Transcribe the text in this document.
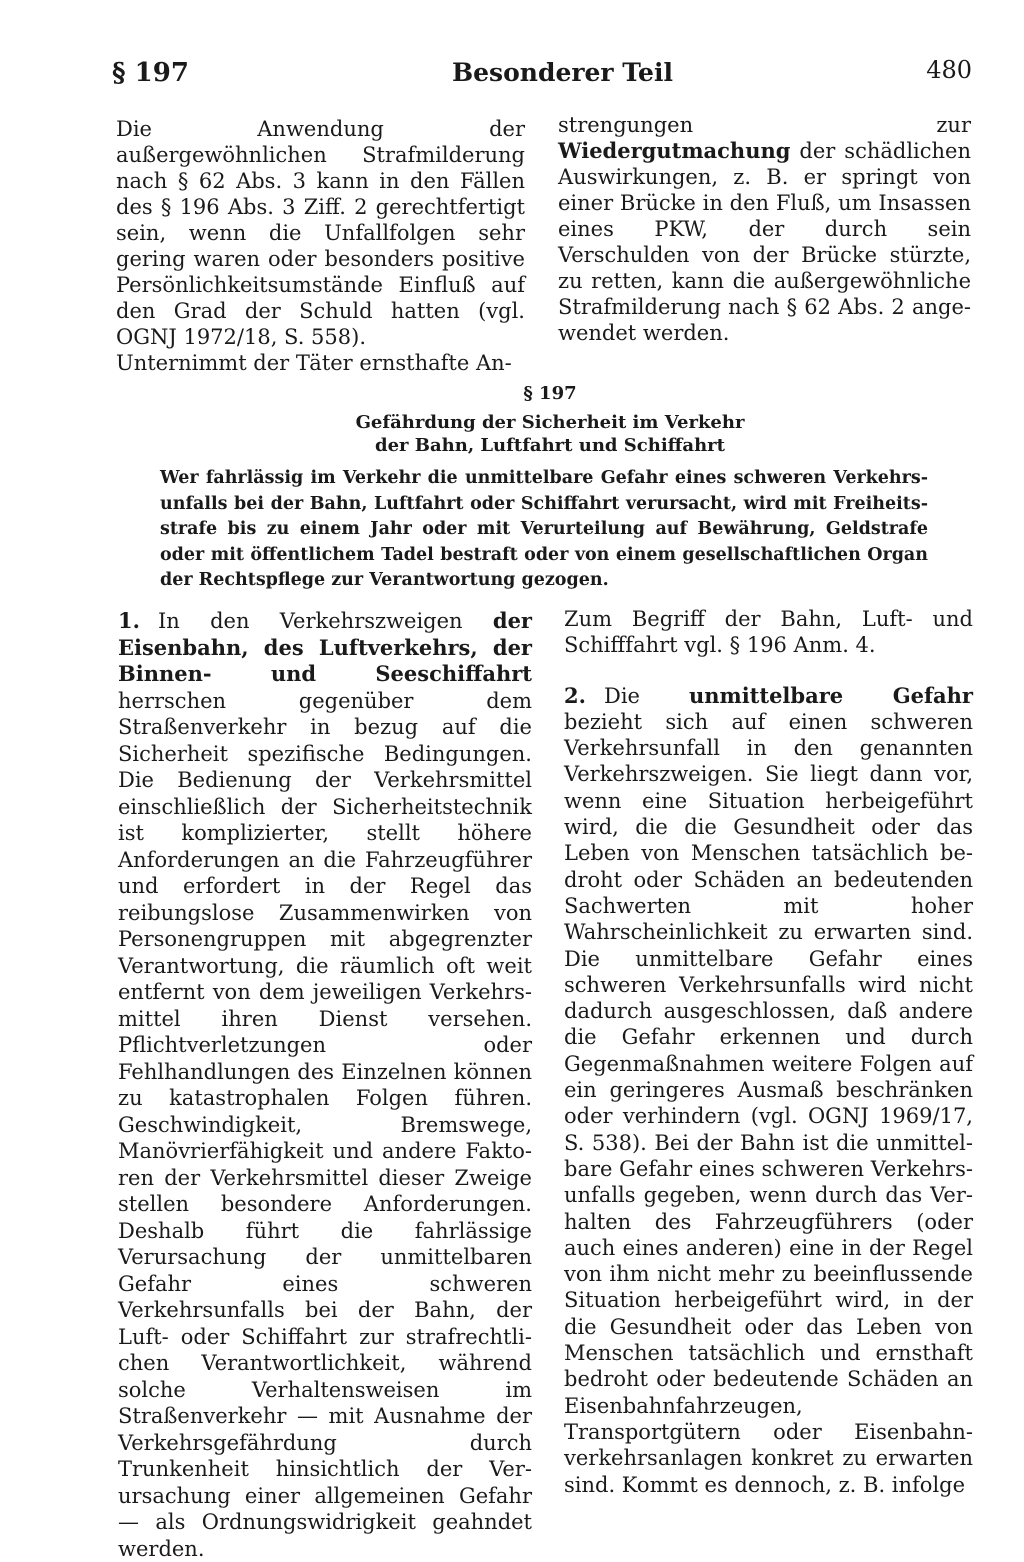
§ 197	Besonderer Teil	480

Die Anwendung der außergewöhnlichen Strafmilderung nach § 62 Abs. 3 kann in den Fällen des § 196 Abs. 3 Ziff. 2 gerechtfertigt sein, wenn die Unfallfolgen sehr gering waren oder besonders positive Persönlichkeitsumstände Einfluß auf den Grad der Schuld hatten (vgl. OGNJ 1972/18, S. 558).

Unternimmt der Täter ernsthafte An-

strengungen zur Wiedergutmachung der schädlichen Auswirkungen, z. B. er springt von einer Brücke in den Fluß, um Insassen eines PKW, der durch sein Verschulden von der Brücke stürzte, zu retten, kann die außergewöhnliche Strafmilderung nach § 62 Abs. 2 angewendet werden.

§ 197
Gefährdung der Sicherheit im Verkehr
der Bahn, Luftfahrt und Schiffahrt
Wer fahrlässig im Verkehr die unmittelbare Gefahr eines schweren Verkehrsunfalls bei der Bahn, Luftfahrt oder Schiffahrt verursacht, wird mit Freiheitsstrafe bis zu einem Jahr oder mit Verurteilung auf Bewährung, Geldstrafe oder mit öffentlichem Tadel bestraft oder von einem gesellschaftlichen Organ der Rechtspflege zur Verantwortung gezogen.

1. In den Verkehrszweigen der Eisenbahn, des Luftverkehrs, der Binnen- und Seeschiffahrt herrschen gegenüber dem Straßenverkehr in bezug auf die Sicherheit spezifische Bedingungen. Die Bedienung der Verkehrsmittel einschließlich der Sicherheitstechnik ist komplizierter, stellt höhere Anforderungen an die Fahrzeugführer und erfordert in der Regel das reibungslose Zusammenwirken von Personengruppen mit abgegrenzter Verantwortung, die räumlich oft weit entfernt von dem jeweiligen Verkehrsmittel ihren Dienst versehen. Pflichtverletzungen oder Fehlhandlungen des Einzelnen können zu katastrophalen Folgen führen. Geschwindigkeit, Bremswege, Manövrierfähigkeit und andere Faktoren der Verkehrsmittel dieser Zweige stellen besondere Anforderungen. Deshalb führt die fahrlässige Verursachung der unmittelbaren Gefahr eines schweren Verkehrsunfalls bei der Bahn, der Luft- oder Schiffahrt zur strafrechtlichen Verantwortlichkeit, während solche Verhaltensweisen im Straßenverkehr — mit Ausnahme der Verkehrsgefährdung durch Trunkenheit hinsichtlich der Verursachung einer allgemeinen Gefahr — als Ordnungswidrigkeit geahndet werden.

Zum Begriff der Bahn, Luft- und Schifffahrt vgl. § 196 Anm. 4.

2. Die unmittelbare Gefahr bezieht sich auf einen schweren Verkehrsunfall in den genannten Verkehrszweigen. Sie liegt dann vor, wenn eine Situation herbeigeführt wird, die die Gesundheit oder das Leben von Menschen tatsächlich bedroht oder Schäden an bedeutenden Sachwerten mit hoher Wahrscheinlichkeit zu erwarten sind. Die unmittelbare Gefahr eines schweren Verkehrsunfalls wird nicht dadurch ausgeschlossen, daß andere die Gefahr erkennen und durch Gegenmaßnahmen weitere Folgen auf ein geringeres Ausmaß beschränken oder verhindern (vgl. OGNJ 1969/17, S. 538). Bei der Bahn ist die unmittelbare Gefahr eines schweren Verkehrsunfalls gegeben, wenn durch das Verhalten des Fahrzeugführers (oder auch eines anderen) eine in der Regel von ihm nicht mehr zu beeinflussende Situation herbeigeführt wird, in der die Gesundheit oder das Leben von Menschen tatsächlich und ernsthaft bedroht oder bedeutende Schäden an Eisenbahnfahrzeugen, Transportgütern oder Eisenbahnverkehrsanlagen konkret zu erwarten sind. Kommt es dennoch, z. B. infolge
